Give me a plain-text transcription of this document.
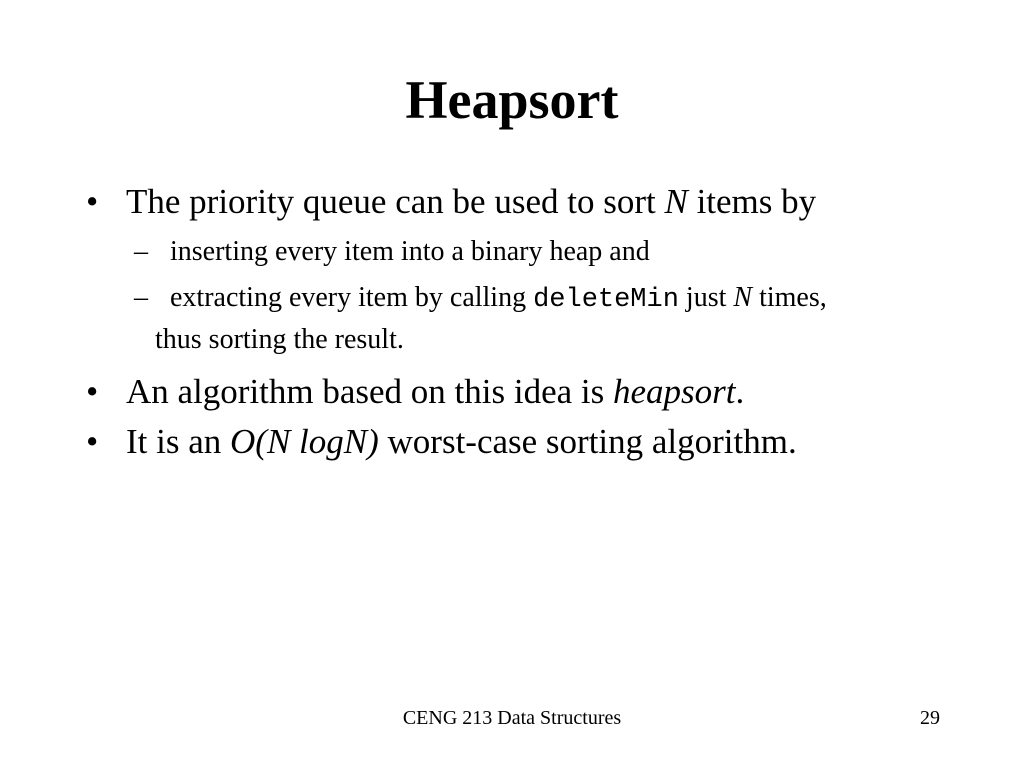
Heapsort
• The priority queue can be used to sort N items by
– inserting every item into a binary heap and
– extracting every item by calling deleteMin just N times,
thus sorting the result.
• An algorithm based on this idea is heapsort.
• It is an O(N logN) worst-case sorting algorithm.
CENG 213 Data Structures	29
